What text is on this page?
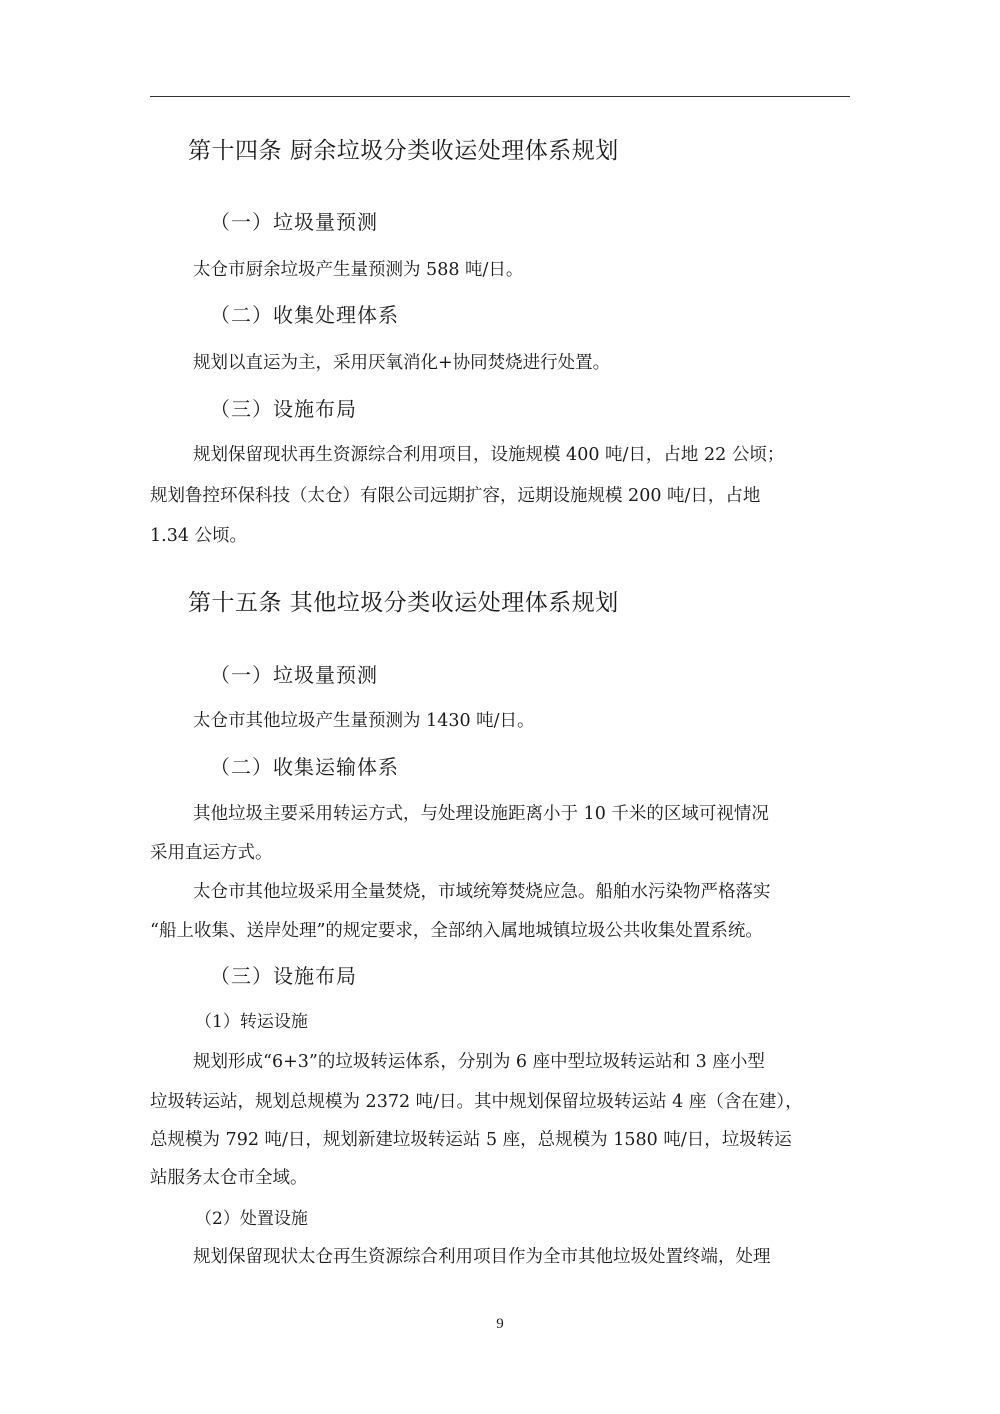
第十四条 厨余垃圾分类收运处理体系规划
（一）垃圾量预测
太仓市厨余垃圾产生量预测为 588 吨/日。
（二）收集处理体系
规划以直运为主，采用厌氧消化+协同焚烧进行处置。
（三）设施布局
规划保留现状再生资源综合利用项目，设施规模 400 吨/日，占地 22 公顷；
规划鲁控环保科技（太仓）有限公司远期扩容，远期设施规模 200 吨/日，占地
1.34 公顷。
第十五条 其他垃圾分类收运处理体系规划
（一）垃圾量预测
太仓市其他垃圾产生量预测为 1430 吨/日。
（二）收集运输体系
其他垃圾主要采用转运方式，与处理设施距离小于 10 千米的区域可视情况
采用直运方式。
太仓市其他垃圾采用全量焚烧，市域统筹焚烧应急。船舶水污染物严格落实
“船上收集、送岸处理”的规定要求，全部纳入属地城镇垃圾公共收集处置系统。
（三）设施布局
（1）转运设施
规划形成“6+3”的垃圾转运体系，分别为 6 座中型垃圾转运站和 3 座小型
垃圾转运站，规划总规模为 2372 吨/日。其中规划保留垃圾转运站 4 座（含在建），
总规模为 792 吨/日，规划新建垃圾转运站 5 座，总规模为 1580 吨/日，垃圾转运
站服务太仓市全域。
（2）处置设施
规划保留现状太仓再生资源综合利用项目作为全市其他垃圾处置终端，处理
9
